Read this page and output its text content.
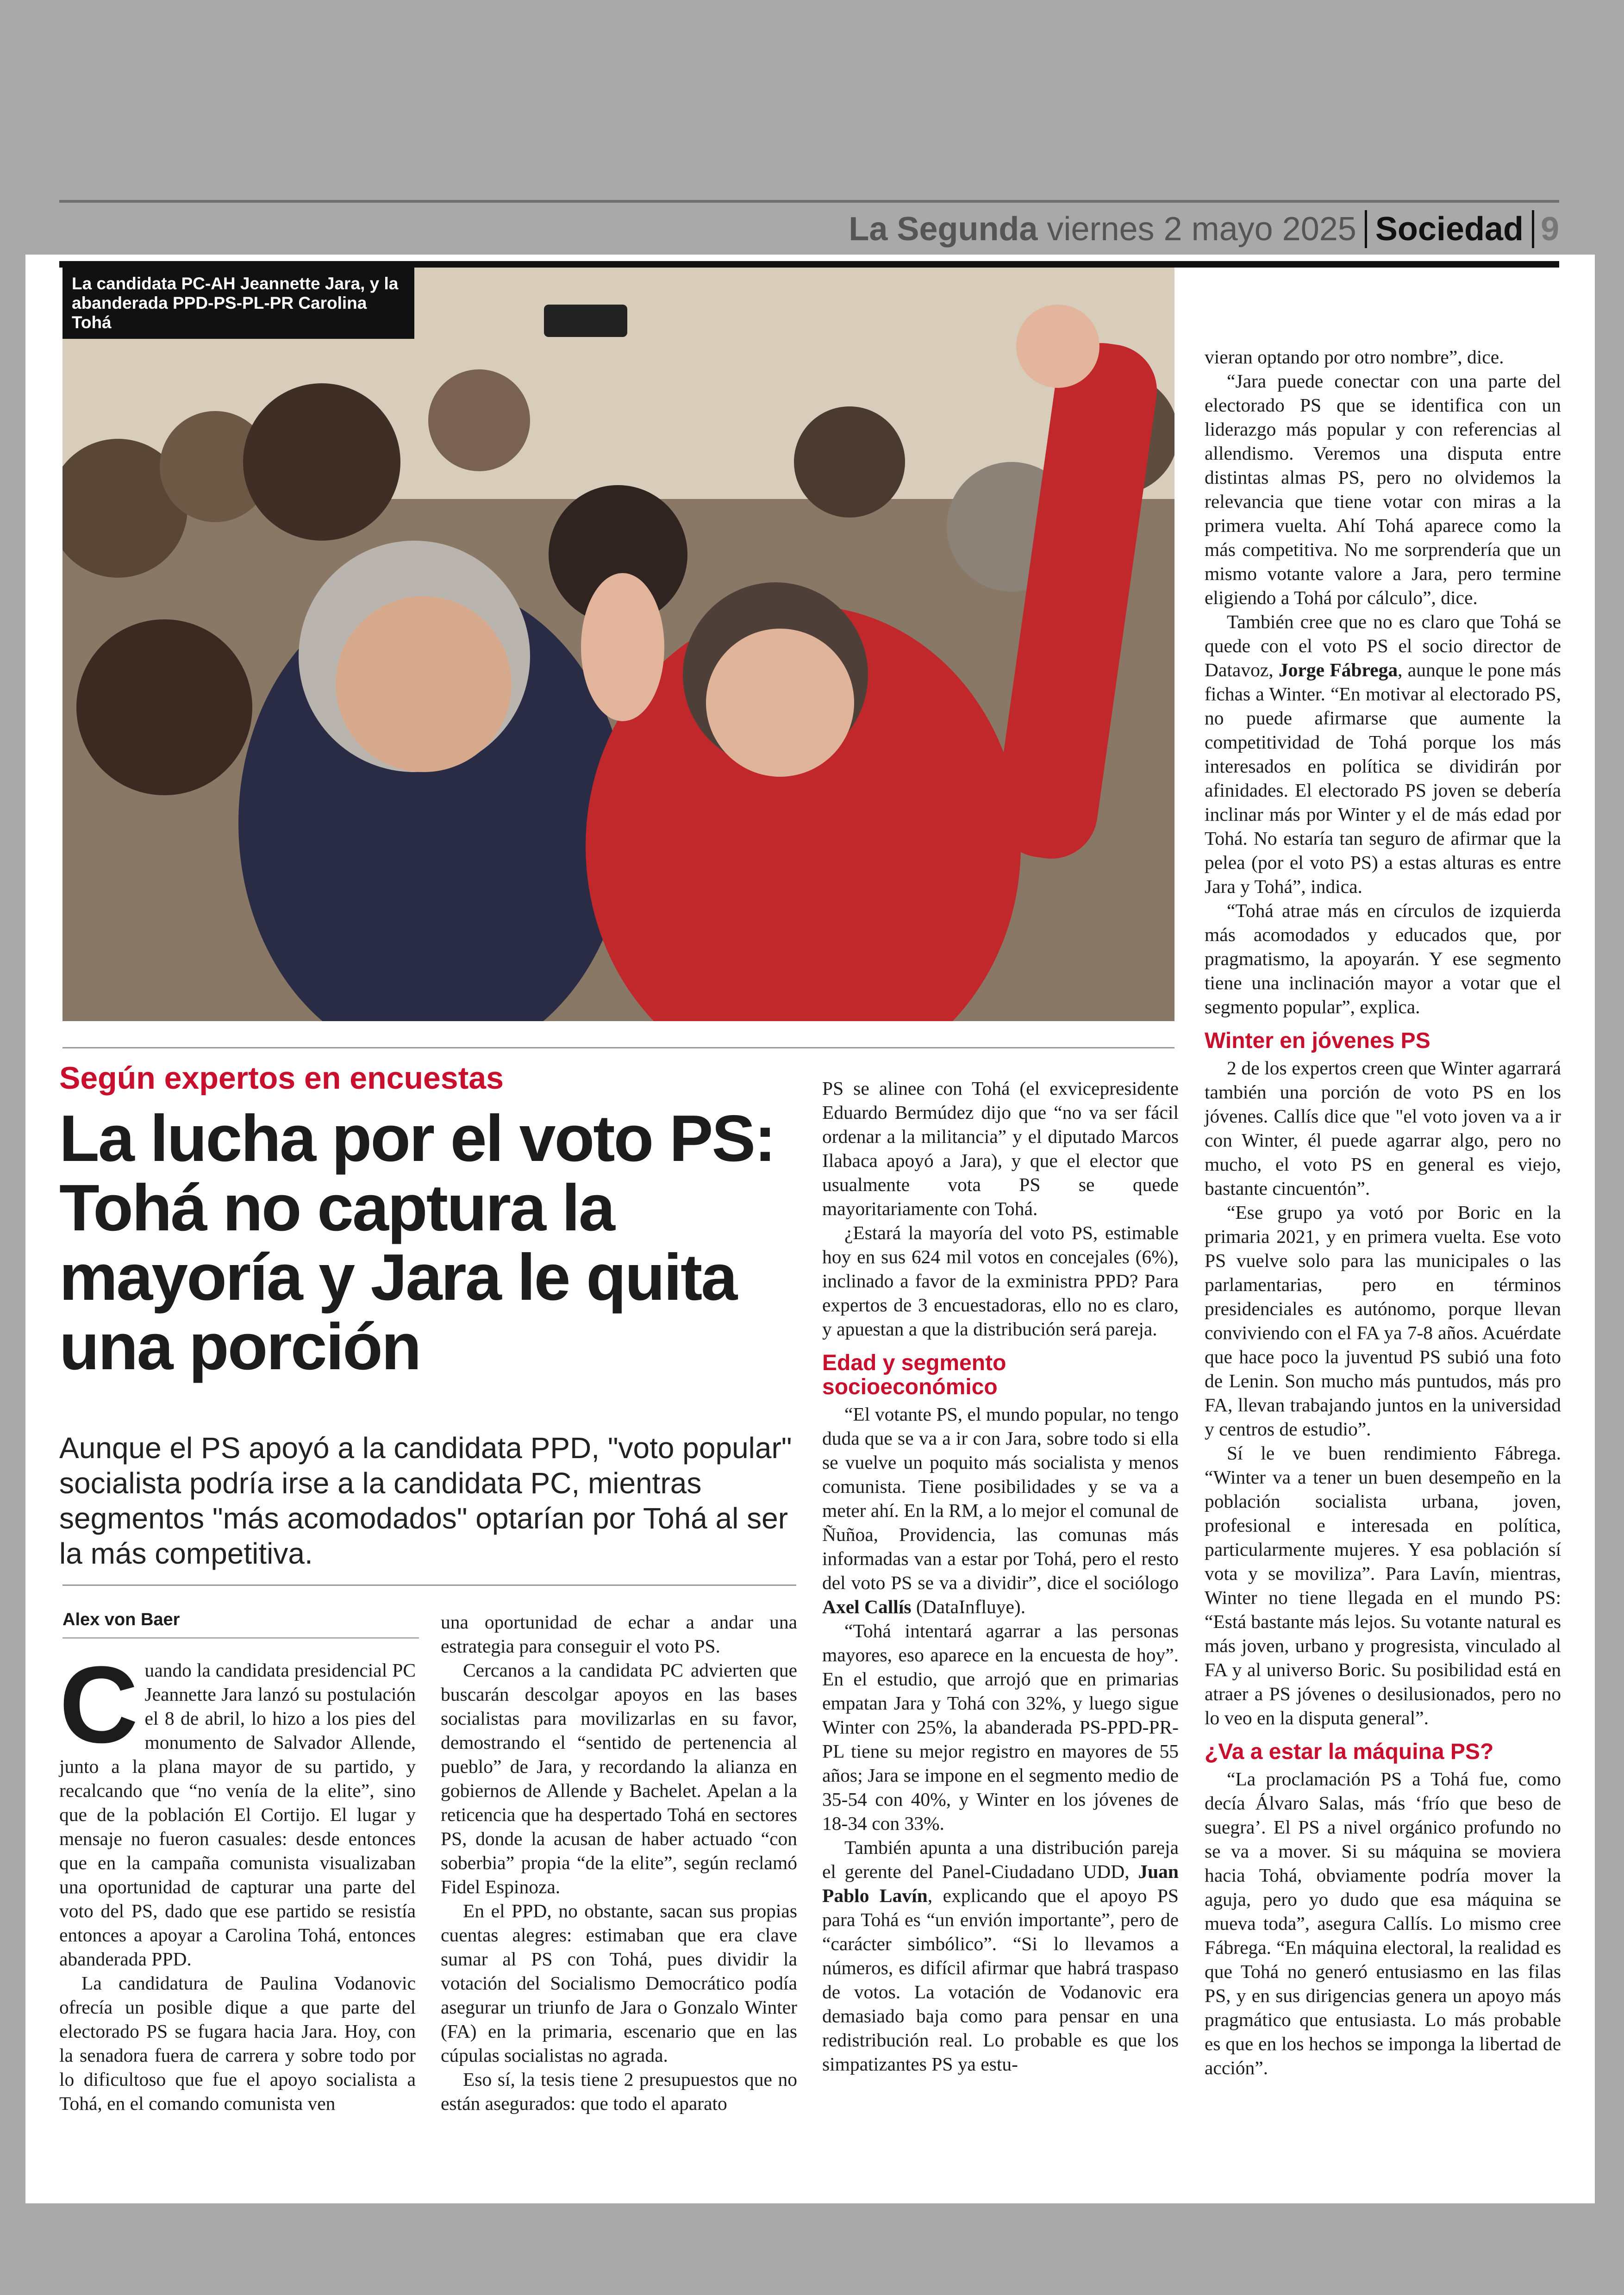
La Segunda viernes 2 mayo 2025 Sociedad 9
La candidata PC-AH Jeannette Jara, y la
abanderada PPD-PS-PL-PR Carolina Tohá
Según expertos en encuestas
La lucha por el voto PS: Tohá no captura la mayoría y Jara le quita una porción

Aunque el PS apoyó a la candidata PPD, "voto popular" socialista podría irse a la candidata PC, mientras segmentos "más acomodados" optarían por Tohá al ser la más competitiva.

Alex von Baer
C uando la candidata presidencial PC Jeannette Jara lanzó su postulación el 8 de abril, lo hizo a los pies del monumento de Salvador Allende, junto a la plana mayor de su partido, y recalcando que “no venía de la elite”, sino que de la población El Cortijo. El lugar y mensaje no fueron casuales: desde entonces que en la campaña comunista visualizaban una oportunidad de capturar una parte del voto del PS, dado que ese partido se resistía entonces a apoyar a Carolina Tohá, entonces abanderada PPD.

La candidatura de Paulina Vodanovic ofrecía un posible dique a que parte del electorado PS se fugara hacia Jara. Hoy, con la senadora fuera de carrera y sobre todo por lo dificultoso que fue el apoyo socialista a Tohá, en el comando comunista ven

una oportunidad de echar a andar una estrategia para conseguir el voto PS.

Cercanos a la candidata PC advierten que buscarán descolgar apoyos en las bases socialistas para movilizarlas en su favor, demostrando el “sentido de pertenencia al pueblo” de Jara, y recordando la alianza en gobiernos de Allende y Bachelet. Apelan a la reticencia que ha despertado Tohá en sectores PS, donde la acusan de haber actuado “con soberbia” propia “de la elite”, según reclamó Fidel Espinoza.

En el PPD, no obstante, sacan sus propias cuentas alegres: estimaban que era clave sumar al PS con Tohá, pues dividir la votación del Socialismo Democrático podía asegurar un triunfo de Jara o Gonzalo Winter (FA) en la primaria, escenario que en las cúpulas socialistas no agrada.

Eso sí, la tesis tiene 2 presupuestos que no están asegurados: que todo el aparato

PS se alinee con Tohá (el exvicepresidente Eduardo Bermúdez dijo que “no va ser fácil ordenar a la militancia” y el diputado Marcos Ilabaca apoyó a Jara), y que el elector que usualmente vota PS se quede mayoritariamente con Tohá.

¿Estará la mayoría del voto PS, estimable hoy en sus 624 mil votos en concejales (6%), inclinado a favor de la exministra PPD? Para expertos de 3 encuestadoras, ello no es claro, y apuestan a que la distribución será pareja.

Edad y segmento socioeconómico

“El votante PS, el mundo popular, no tengo duda que se va a ir con Jara, sobre todo si ella se vuelve un poquito más socialista y menos comunista. Tiene posibilidades y se va a meter ahí. En la RM, a lo mejor el comunal de Ñuñoa, Providencia, las comunas más informadas van a estar por Tohá, pero el resto del voto PS se va a dividir”, dice el sociólogo Axel Callís (DataInfluye).

“Tohá intentará agarrar a las personas mayores, eso aparece en la encuesta de hoy”. En el estudio, que arrojó que en primarias empatan Jara y Tohá con 32%, y luego sigue Winter con 25%, la abanderada PS-PPD-PR-PL tiene su mejor registro en mayores de 55 años; Jara se impone en el segmento medio de 35-54 con 40%, y Winter en los jóvenes de 18-34 con 33%.

También apunta a una distribución pareja el gerente del Panel-Ciudadano UDD, Juan Pablo Lavín, explicando que el apoyo PS para Tohá es “un envión importante”, pero de “carácter simbólico”. “Si lo llevamos a números, es difícil afirmar que habrá traspaso de votos. La votación de Vodanovic era demasiado baja como para pensar en una redistribución real. Lo probable es que los simpatizantes PS ya estu-

vieran optando por otro nombre”, dice.

“Jara puede conectar con una parte del electorado PS que se identifica con un liderazgo más popular y con referencias al allendismo. Veremos una disputa entre distintas almas PS, pero no olvidemos la relevancia que tiene votar con miras a la primera vuelta. Ahí Tohá aparece como la más competitiva. No me sorprendería que un mismo votante valore a Jara, pero termine eligiendo a Tohá por cálculo”, dice.

También cree que no es claro que Tohá se quede con el voto PS el socio director de Datavoz, Jorge Fábrega, aunque le pone más fichas a Winter. “En motivar al electorado PS, no puede afirmarse que aumente la competitividad de Tohá porque los más interesados en política se dividirán por afinidades. El electorado PS joven se debería inclinar más por Winter y el de más edad por Tohá. No estaría tan seguro de afirmar que la pelea (por el voto PS) a estas alturas es entre Jara y Tohá”, indica.

“Tohá atrae más en círculos de izquierda más acomodados y educados que, por pragmatismo, la apoyarán. Y ese segmento tiene una inclinación mayor a votar que el segmento popular”, explica.

Winter en jóvenes PS

2 de los expertos creen que Winter agarrará también una porción de voto PS en los jóvenes. Callís dice que "el voto joven va a ir con Winter, él puede agarrar algo, pero no mucho, el voto PS en general es viejo, bastante cincuentón”.

“Ese grupo ya votó por Boric en la primaria 2021, y en primera vuelta. Ese voto PS vuelve solo para las municipales o las parlamentarias, pero en términos presidenciales es autónomo, porque llevan conviviendo con el FA ya 7-8 años. Acuérdate que hace poco la juventud PS subió una foto de Lenin. Son mucho más puntudos, más pro FA, llevan trabajando juntos en la universidad y centros de estudio”.

Sí le ve buen rendimiento Fábrega. “Winter va a tener un buen desempeño en la población socialista urbana, joven, profesional e interesada en política, particularmente mujeres. Y esa población sí vota y se moviliza”. Para Lavín, mientras, Winter no tiene llegada en el mundo PS: “Está bastante más lejos. Su votante natural es más joven, urbano y progresista, vinculado al FA y al universo Boric. Su posibilidad está en atraer a PS jóvenes o desilusionados, pero no lo veo en la disputa general”.

¿Va a estar la máquina PS?

“La proclamación PS a Tohá fue, como decía Álvaro Salas, más ‘frío que beso de suegra’. El PS a nivel orgánico profundo no se va a mover. Si su máquina se moviera hacia Tohá, obviamente podría mover la aguja, pero yo dudo que esa máquina se mueva toda”, asegura Callís. Lo mismo cree Fábrega. “En máquina electoral, la realidad es que Tohá no generó entusiasmo en las filas PS, y en sus dirigencias genera un apoyo más pragmático que entusiasta. Lo más probable es que en los hechos se imponga la libertad de acción”.
